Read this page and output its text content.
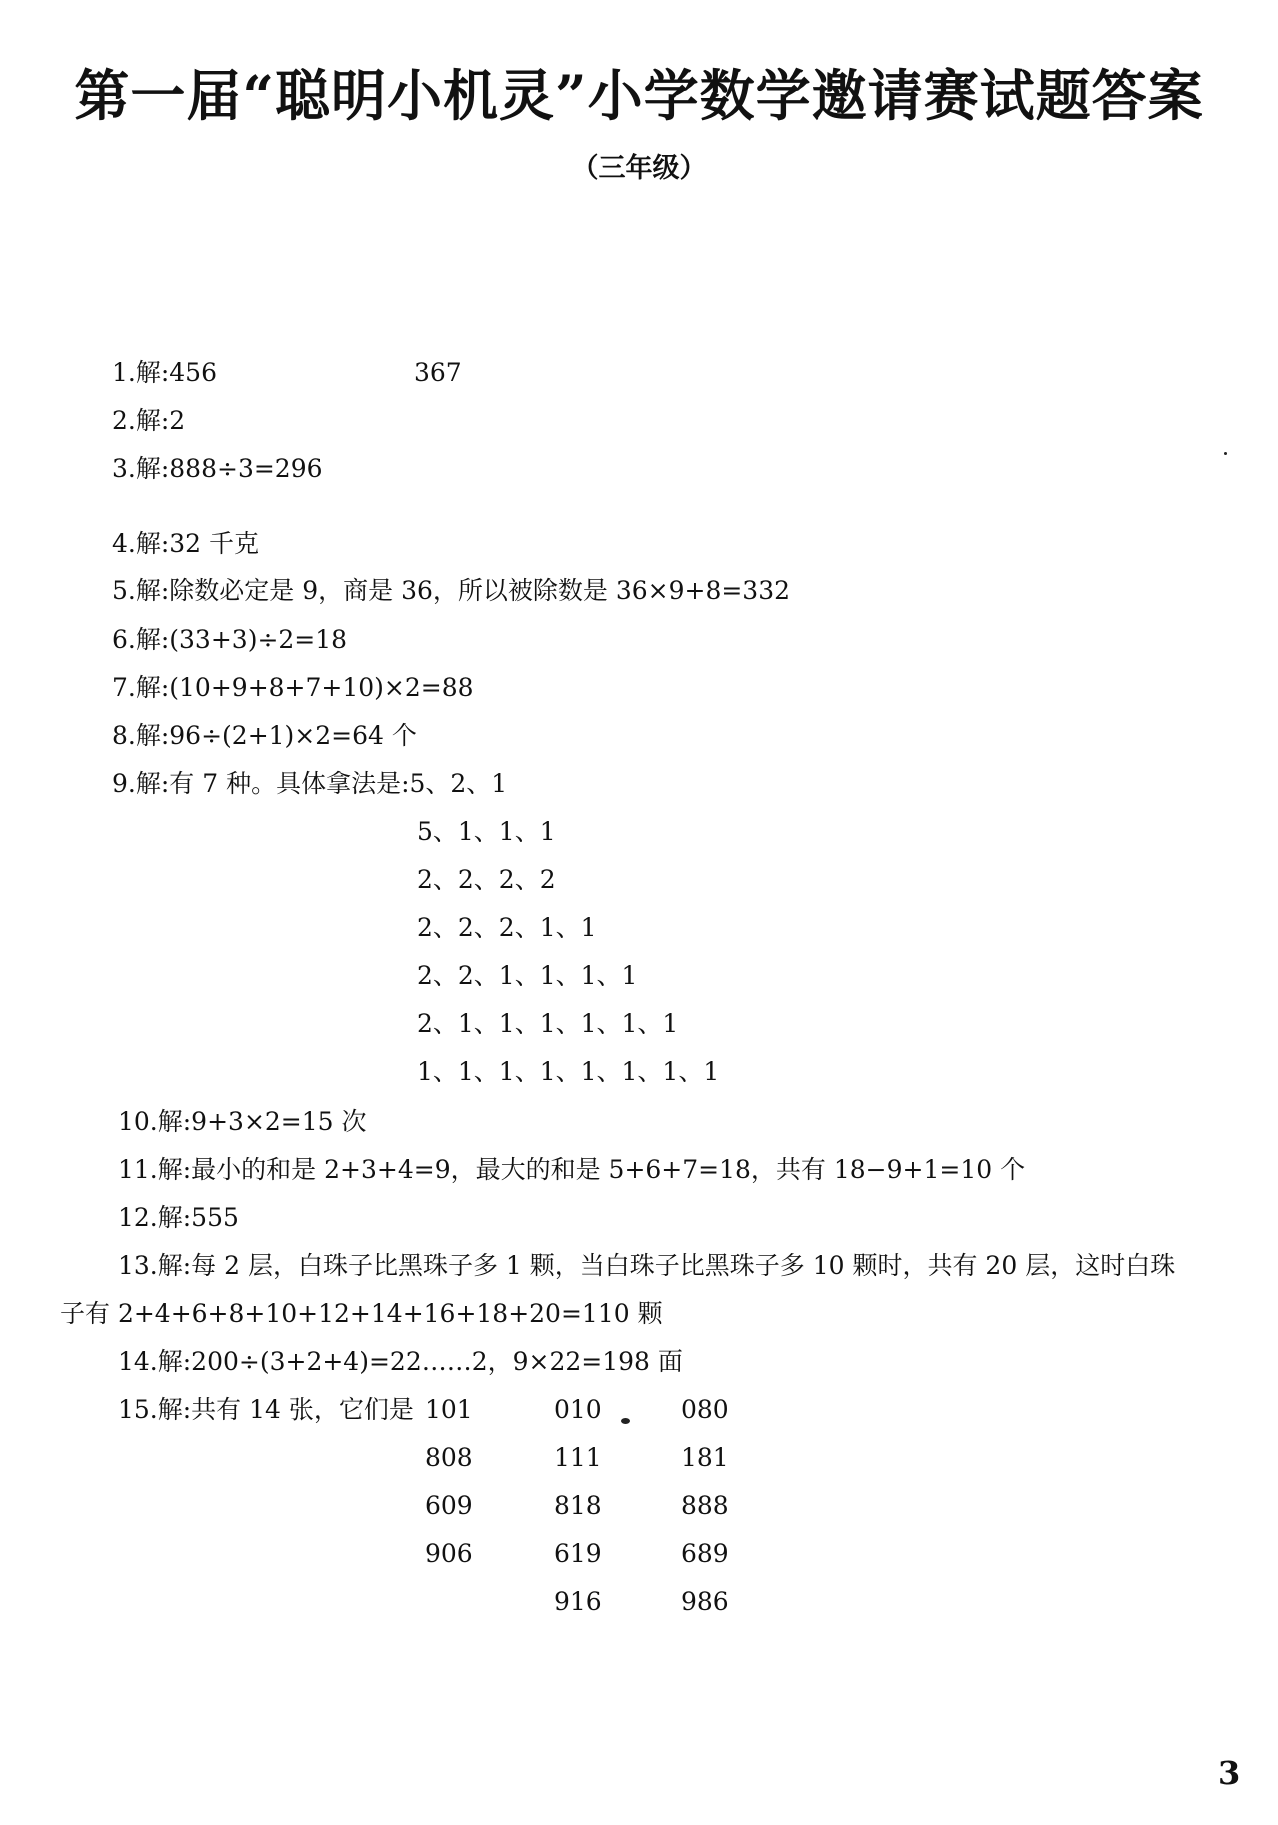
第一届“聪明小机灵”小学数学邀请赛试题答案
（三年级）
1.解:456	367
2.解:2
3.解:888÷3=296
4.解:32 千克
5.解:除数必定是 9，商是 36，所以被除数是 36×9+8=332
6.解:(33+3)÷2=18
7.解:(10+9+8+7+10)×2=88
8.解:96÷(2+1)×2=64 个
9.解:有 7 种。具体拿法是:5、2、1
5、1、1、1
2、2、2、2
2、2、2、1、1
2、2、1、1、1、1
2、1、1、1、1、1、1
1、1、1、1、1、1、1、1
10.解:9+3×2=15 次
11.解:最小的和是 2+3+4=9，最大的和是 5+6+7=18，共有 18−9+1=10 个
12.解:555
13.解:每 2 层，白珠子比黑珠子多 1 颗，当白珠子比黑珠子多 10 颗时，共有 20 层，这时白珠
子有 2+4+6+8+10+12+14+16+18+20=110 颗
14.解:200÷(3+2+4)=22……2，9×22=198 面
15.解:共有 14 张，它们是 101
808
609
906
010
111
818
619
916
080
181
888
689
986
3
